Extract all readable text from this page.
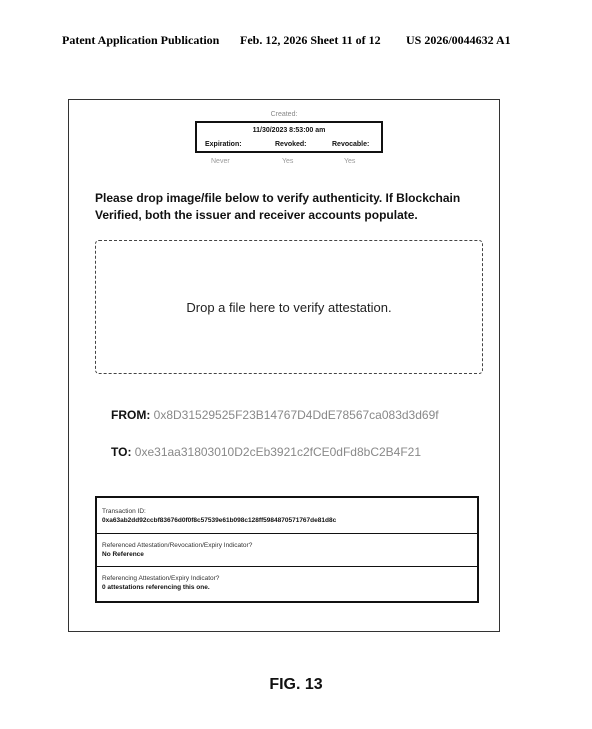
Patent Application Publication Feb. 12, 2026 Sheet 11 of 12 US 2026/0044632 A1
Created:
11/30/2023 8:53:00 am
Expiration:	Revoked:	Revocable:
Never	Yes	Yes
Please drop image/file below to verify authenticity. If Blockchain Verified, both the issuer and receiver accounts populate.
Drop a file here to verify attestation.
FROM: 0x8D31529525F23B14767D4DdE78567ca083d3d69f
TO: 0xe31aa31803010D2cEb3921c2fCE0dFd8bC2B4F21
Transaction ID:
0xa63ab2dd92ccbf83676d0f0f8c57539e61b098c128ff5984870571767de81d8c
Referenced Attestation/Revocation/Expiry Indicator?
No Reference
Referencing Attestation/Expiry Indicator?
0 attestations referencing this one.
FIG. 13
